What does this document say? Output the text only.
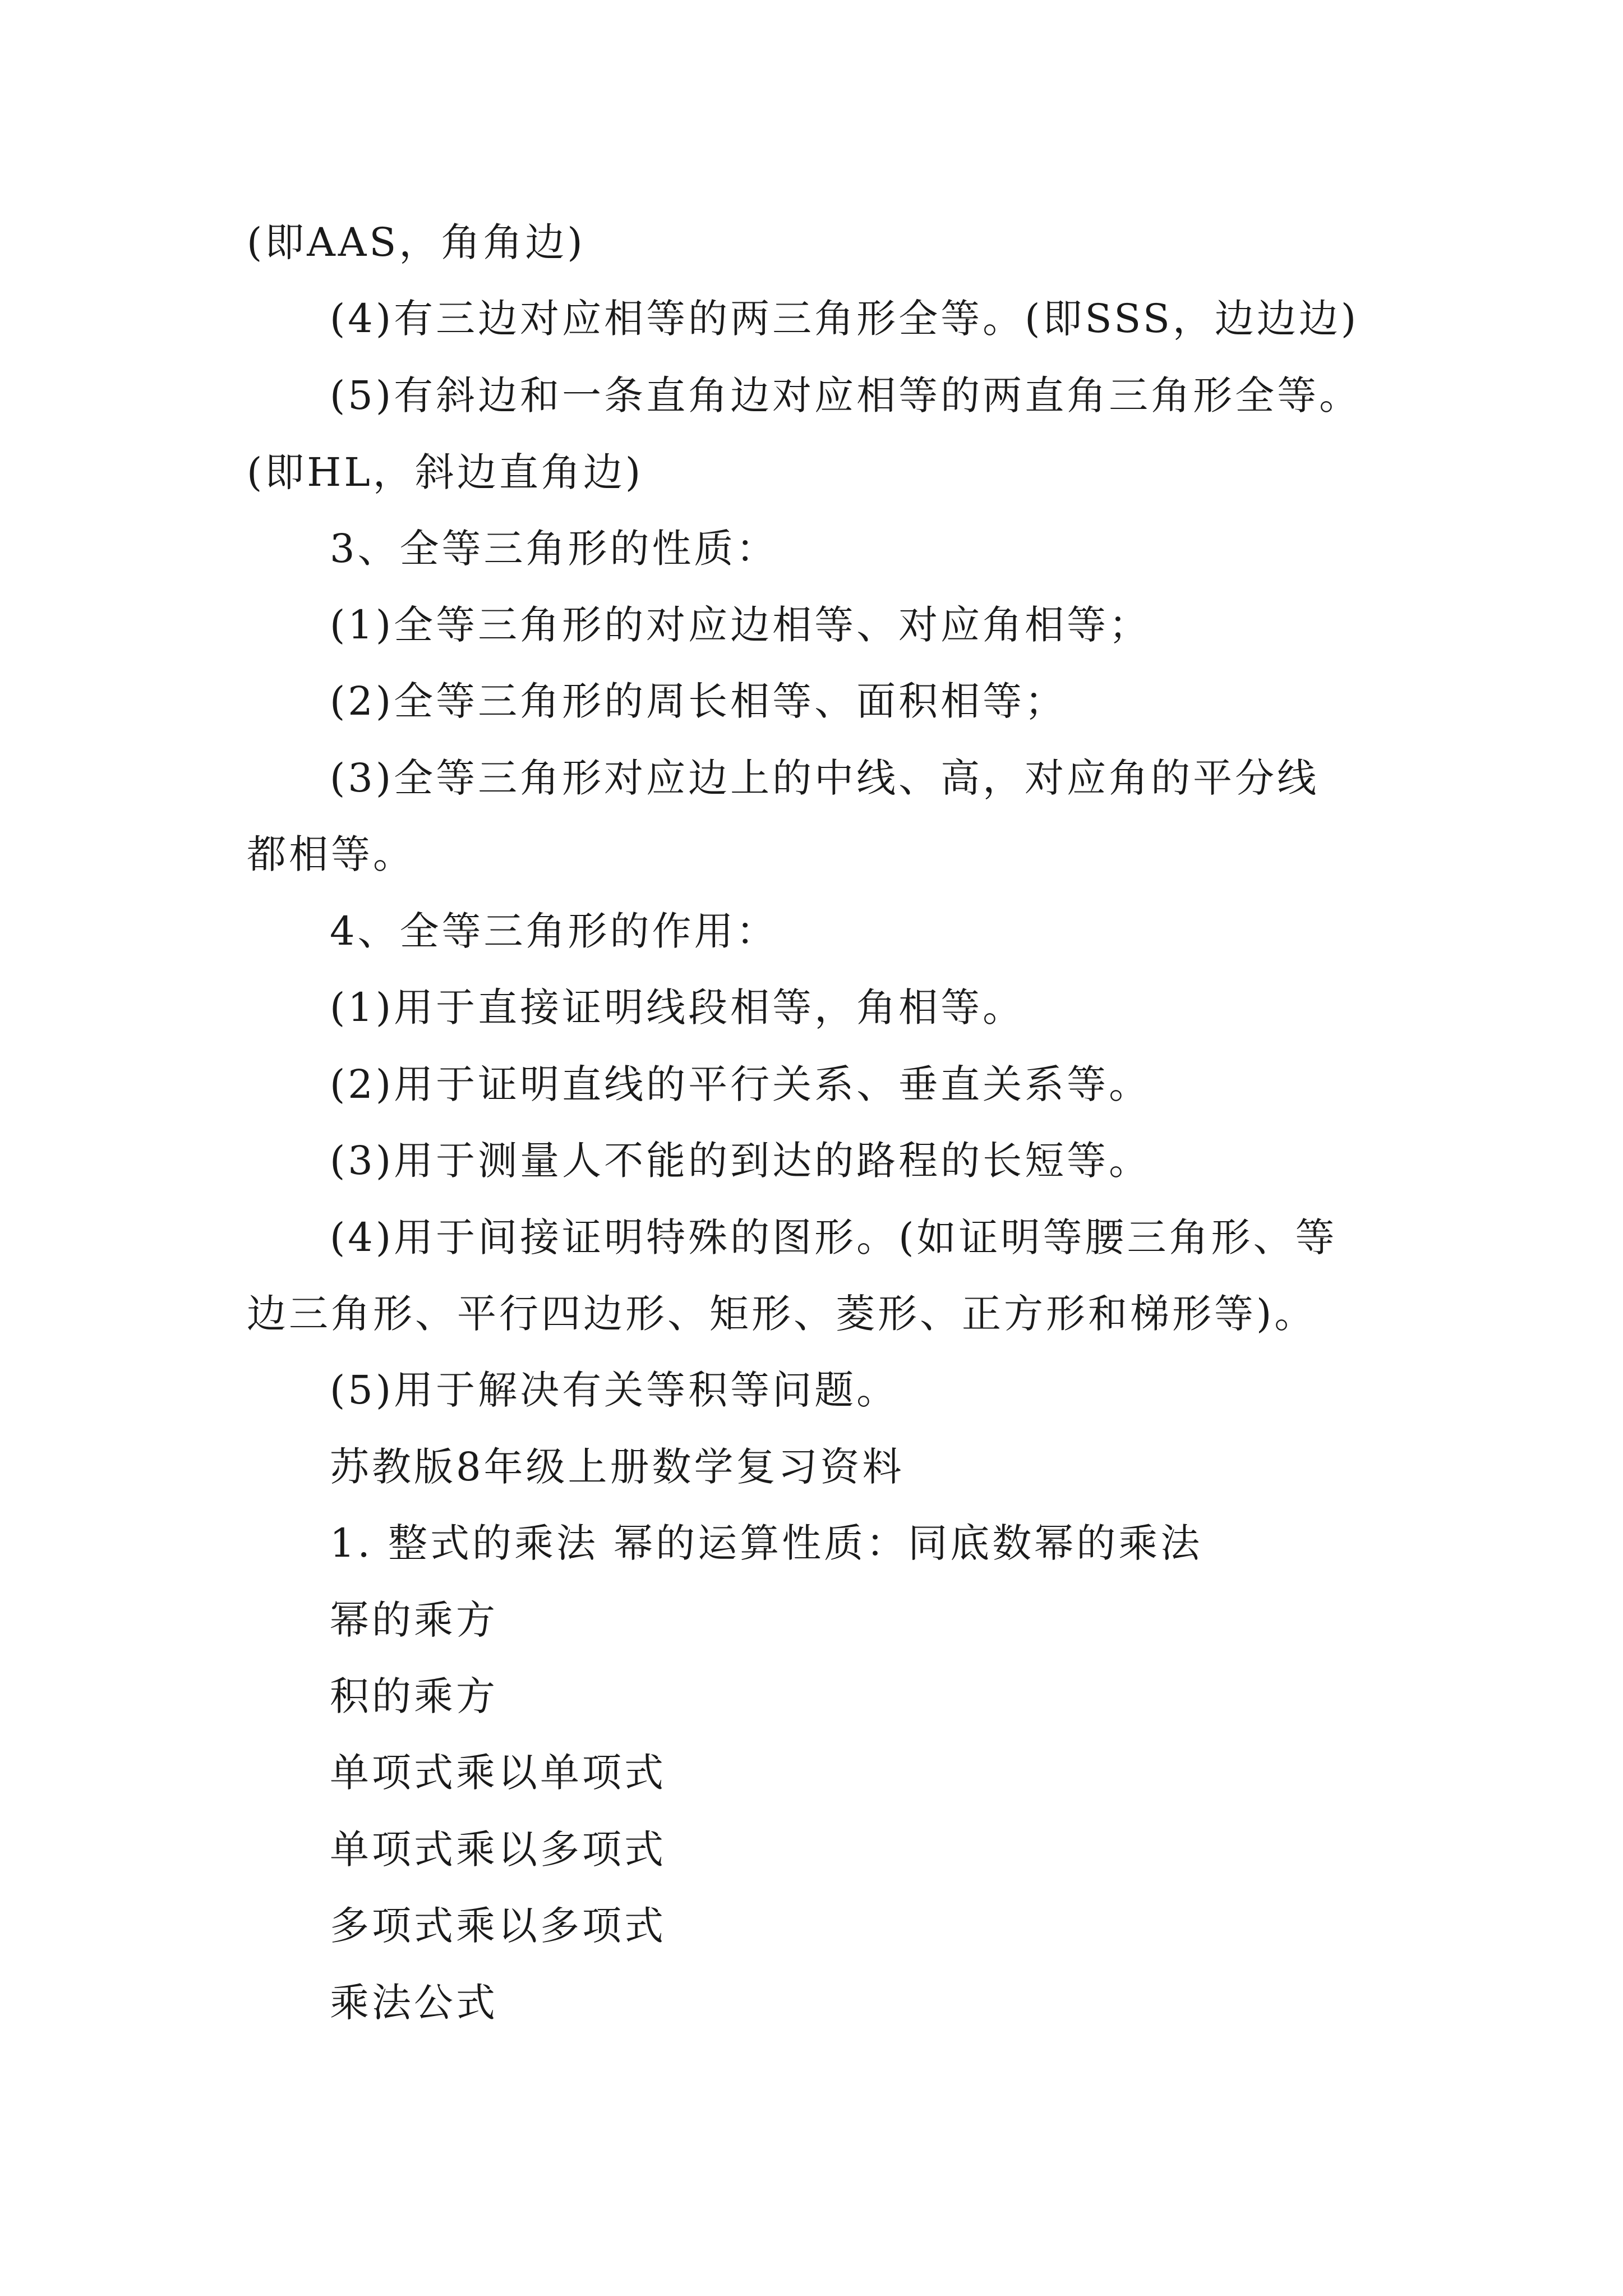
(即AAS，角角边)

(4)有三边对应相等的两三角形全等。(即SSS，边边边)

(5)有斜边和一条直角边对应相等的两直角三角形全等。

(即HL，斜边直角边)

3、全等三角形的性质：

(1)全等三角形的对应边相等、对应角相等；

(2)全等三角形的周长相等、面积相等；

(3)全等三角形对应边上的中线、高，对应角的平分线

都相等。

4、全等三角形的作用：

(1)用于直接证明线段相等，角相等。

(2)用于证明直线的平行关系、垂直关系等。

(3)用于测量人不能的到达的路程的长短等。

(4)用于间接证明特殊的图形。(如证明等腰三角形、等

边三角形、平行四边形、矩形、菱形、正方形和梯形等)。

(5)用于解决有关等积等问题。

苏教版8年级上册数学复习资料

1. 整式的乘法 幂的运算性质：同底数幂的乘法

幂的乘方

积的乘方

单项式乘以单项式

单项式乘以多项式

多项式乘以多项式

乘法公式
